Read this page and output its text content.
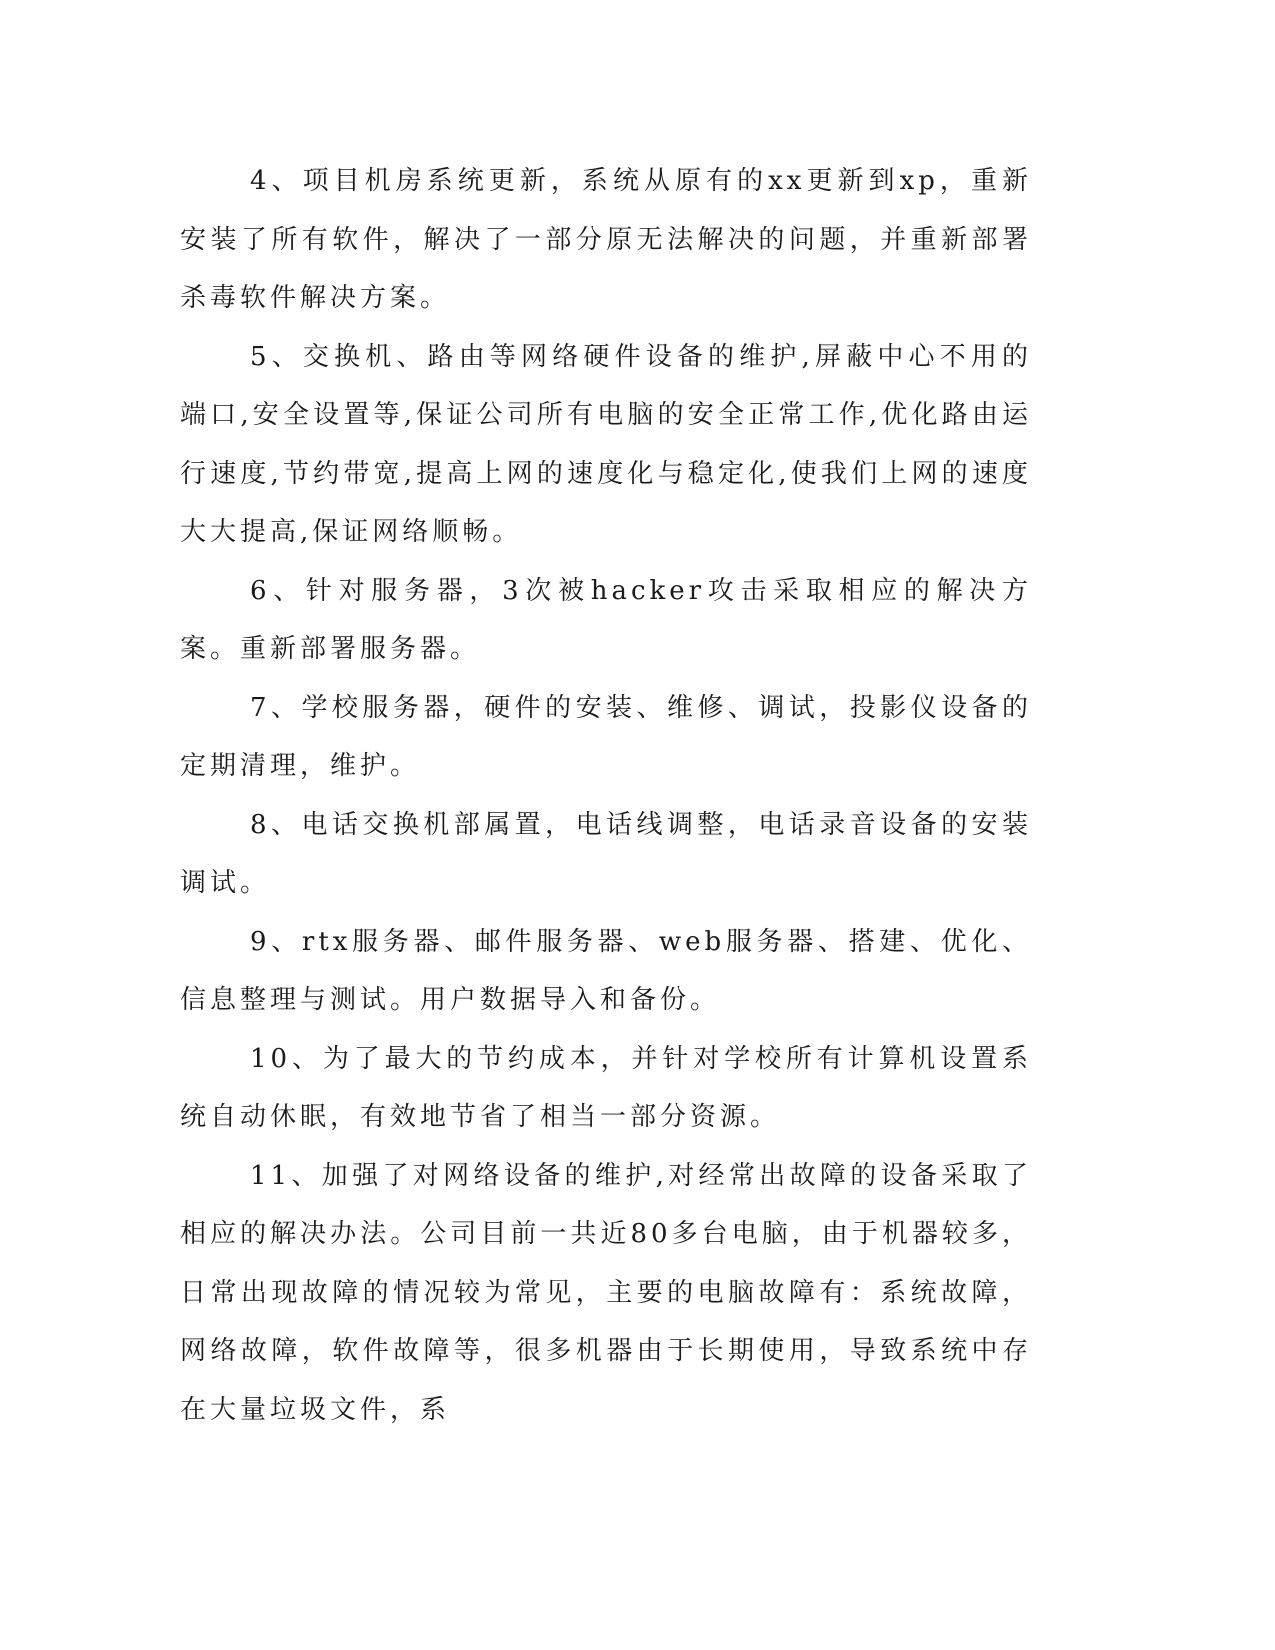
4、项目机房系统更新，系统从原有的xx更新到xp，重新安装了所有软件，解决了一部分原无法解决的问题，并重新部署杀毒软件解决方案。

5、交换机、路由等网络硬件设备的维护,屏蔽中心不用的端口,安全设置等,保证公司所有电脑的安全正常工作,优化路由运行速度,节约带宽,提高上网的速度化与稳定化,使我们上网的速度大大提高,保证网络顺畅。

6、针对服务器，3次被hacker攻击采取相应的解决方案。重新部署服务器。

7、学校服务器，硬件的安装、维修、调试，投影仪设备的定期清理，维护。

8、电话交换机部属置，电话线调整，电话录音设备的安装调试。

9、rtx服务器、邮件服务器、web服务器、搭建、优化、信息整理与测试。用户数据导入和备份。

10、为了最大的节约成本，并针对学校所有计算机设置系统自动休眠，有效地节省了相当一部分资源。

11、加强了对网络设备的维护,对经常出故障的设备采取了相应的解决办法。公司目前一共近80多台电脑，由于机器较多，日常出现故障的情况较为常见，主要的电脑故障有：系统故障，网络故障，软件故障等，很多机器由于长期使用，导致系统中存在大量垃圾文件，系
